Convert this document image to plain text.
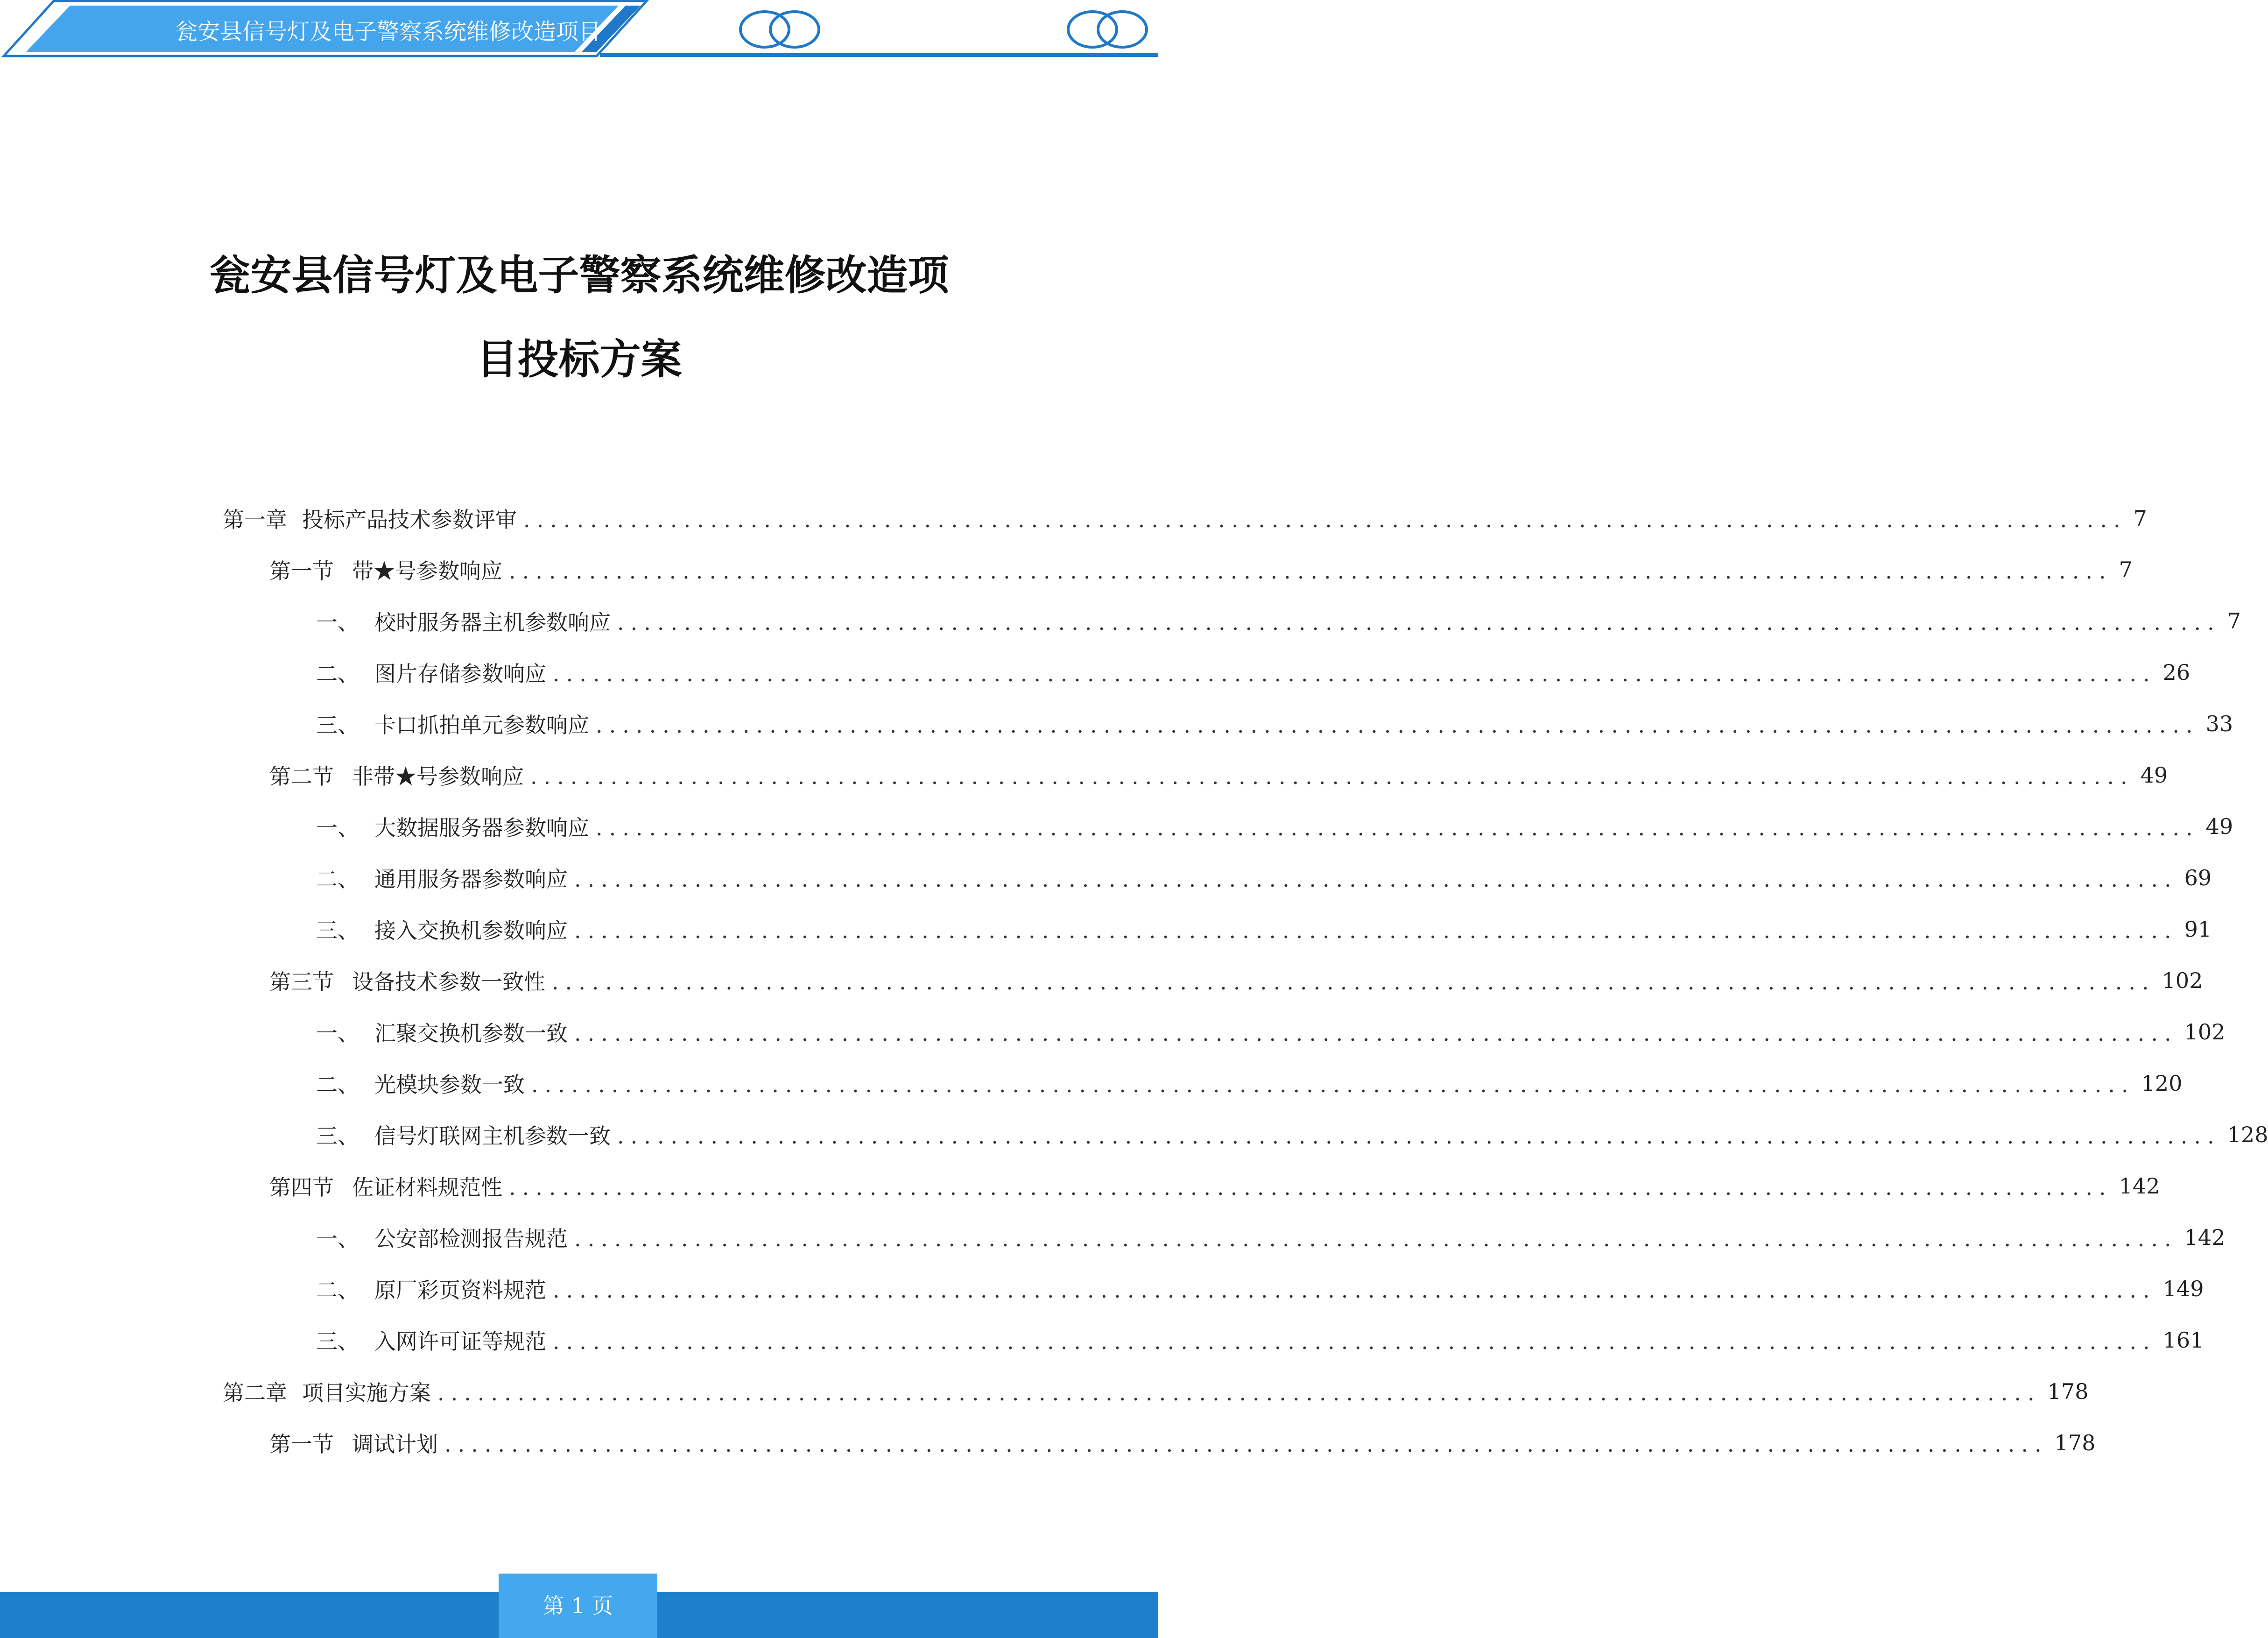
瓮安县信号灯及电子警察系统维修改造项目
瓮安县信号灯及电子警察系统维修改造项
目投标方案
第一章 投标产品技术参数评审 ........................................................................................................................ 7
第一节 带★号参数响应 ........................................................................................................................ 7
一、 校时服务器主机参数响应 ........................................................................................................................ 7
二、 图片存储参数响应 ........................................................................................................................ 26
三、 卡口抓拍单元参数响应 ........................................................................................................................ 33
第二节 非带★号参数响应 ........................................................................................................................ 49
一、 大数据服务器参数响应 ........................................................................................................................ 49
二、 通用服务器参数响应 ........................................................................................................................ 69
三、 接入交换机参数响应 ........................................................................................................................ 91
第三节 设备技术参数一致性 ........................................................................................................................ 102
一、 汇聚交换机参数一致 ........................................................................................................................ 102
二、 光模块参数一致 ........................................................................................................................ 120
三、 信号灯联网主机参数一致 ........................................................................................................................ 128
第四节 佐证材料规范性 ........................................................................................................................ 142
一、 公安部检测报告规范 ........................................................................................................................ 142
二、 原厂彩页资料规范 ........................................................................................................................ 149
三、 入网许可证等规范 ........................................................................................................................ 161
第二章 项目实施方案 ........................................................................................................................ 178
第一节 调试计划 ........................................................................................................................ 178
第 1 页
